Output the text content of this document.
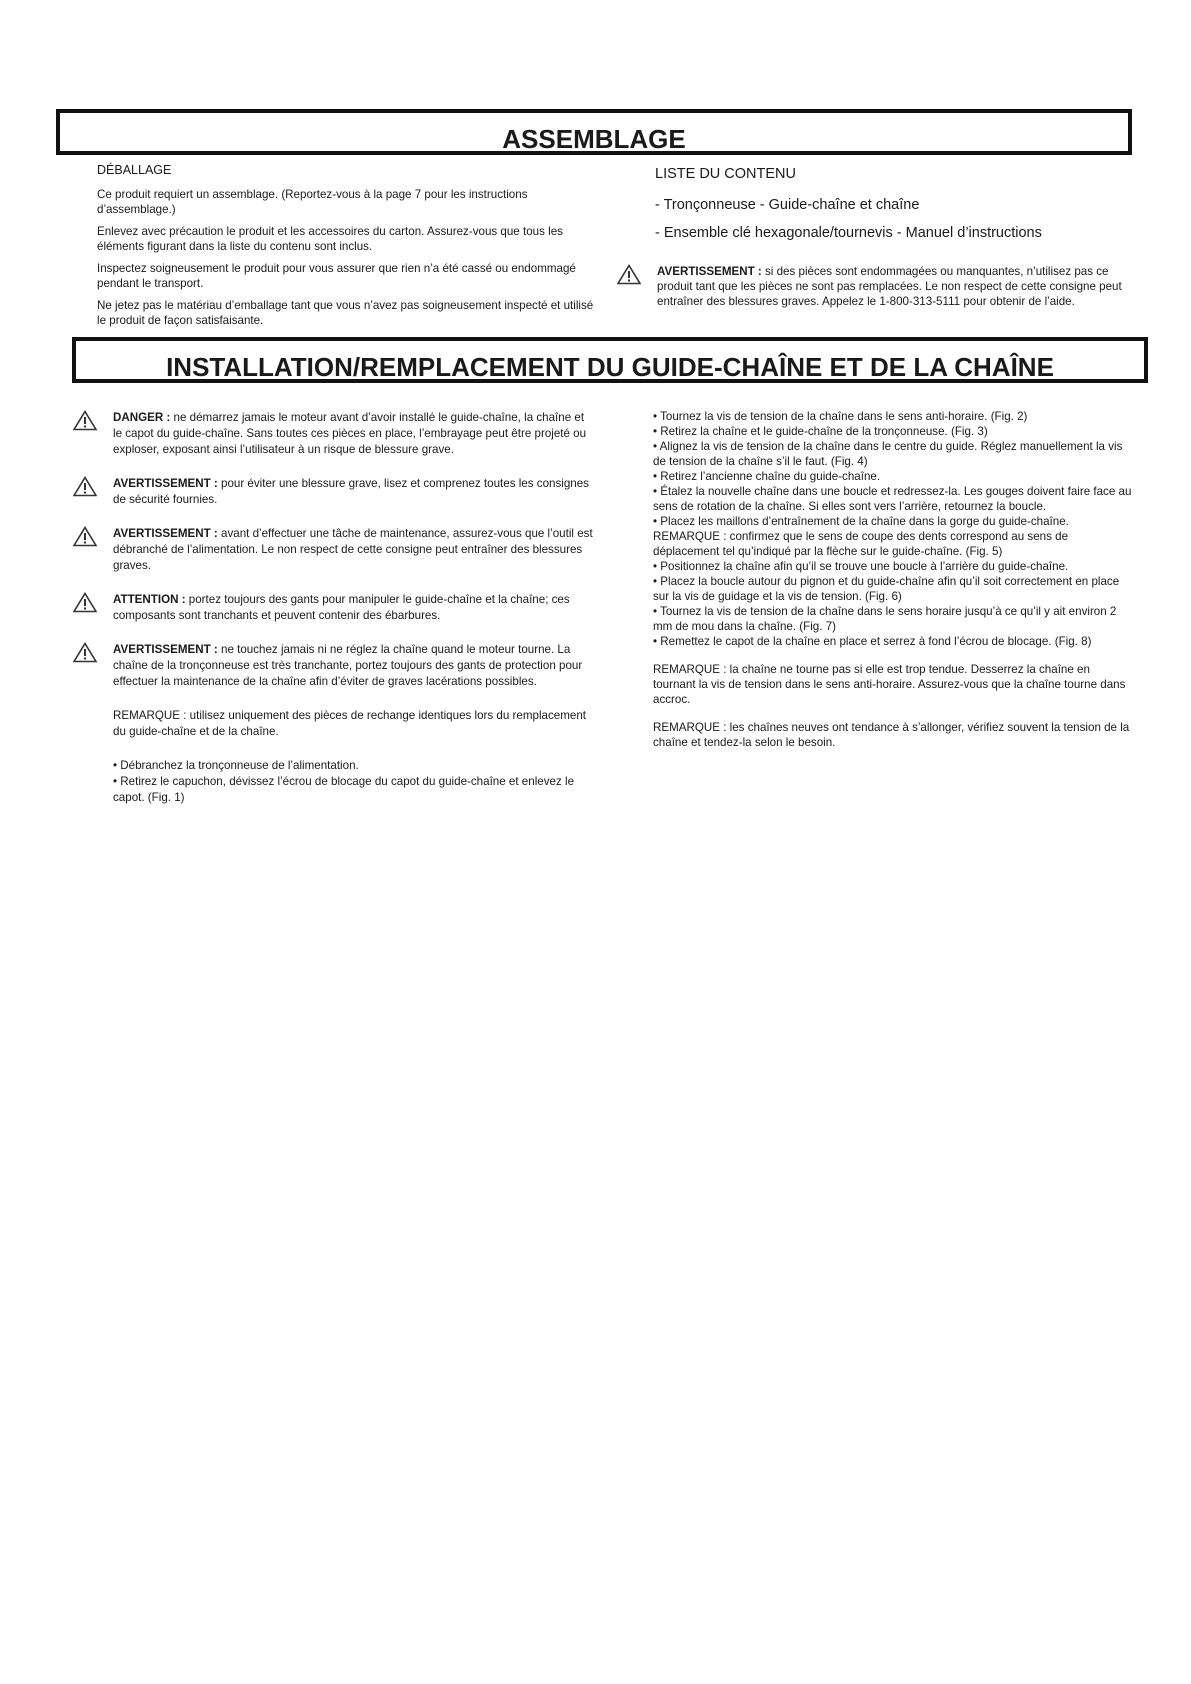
ASSEMBLAGE

DÉBALLAGE

Ce produit requiert un assemblage. (Reportez-vous à la page 7 pour les instructions d’assemblage.)

Enlevez avec précaution le produit et les accessoires du carton. Assurez-vous que tous les éléments figurant dans la liste du contenu sont inclus.

Inspectez soigneusement le produit pour vous assurer que rien n’a été cassé ou endommagé pendant le transport.

Ne jetez pas le matériau d’emballage tant que vous n’avez pas soigneusement inspecté et utilisé le produit de façon satisfaisante.

LISTE DU CONTENU

- Tronçonneuse - Guide-chaîne et chaîne

- Ensemble clé hexagonale/tournevis - Manuel d’instructions

AVERTISSEMENT : si des pièces sont endommagées ou manquantes, n’utilisez pas ce produit tant que les pièces ne sont pas remplacées. Le non respect de cette consigne peut entraîner des blessures graves. Appelez le 1-800-313-5111 pour obtenir de l’aide.
INSTALLATION/REMPLACEMENT DU GUIDE-CHAÎNE ET DE LA CHAÎNE
DANGER : ne démarrez jamais le moteur avant d’avoir installé le guide-chaîne, la chaîne et le capot du guide-chaîne. Sans toutes ces pièces en place, l’embrayage peut être projeté ou exploser, exposant ainsi l’utilisateur à un risque de blessure grave.
AVERTISSEMENT : pour éviter une blessure grave, lisez et comprenez toutes les consignes de sécurité fournies.
AVERTISSEMENT : avant d’effectuer une tâche de maintenance, assurez-vous que l’outil est débranché de l’alimentation. Le non respect de cette consigne peut entraîner des blessures graves.
ATTENTION : portez toujours des gants pour manipuler le guide-chaîne et la chaîne; ces composants sont tranchants et peuvent contenir des ébarbures.
AVERTISSEMENT : ne touchez jamais ni ne réglez la chaîne quand le moteur tourne. La chaîne de la tronçonneuse est très tranchante, portez toujours des gants de protection pour effectuer la maintenance de la chaîne afin d’éviter de graves lacérations possibles.
REMARQUE : utilisez uniquement des pièces de rechange identiques lors du remplacement du guide-chaîne et de la chaîne.
• Débranchez la tronçonneuse de l’alimentation.
• Retirez le capuchon, dévissez l’écrou de blocage du capot du guide-chaîne et enlevez le capot. (Fig. 1)

• Tournez la vis de tension de la chaîne dans le sens anti-horaire. (Fig. 2)

• Retirez la chaîne et le guide-chaîne de la tronçonneuse. (Fig. 3)

• Alignez la vis de tension de la chaîne dans le centre du guide. Réglez manuellement la vis de tension de la chaîne s’il le faut. (Fig. 4)

• Retirez l’ancienne chaîne du guide-chaîne.

• Étalez la nouvelle chaîne dans une boucle et redressez-la. Les gouges doivent faire face au sens de rotation de la chaîne. Si elles sont vers l’arrière, retournez la boucle.

• Placez les maillons d’entraînement de la chaîne dans la gorge du guide-chaîne.

REMARQUE : confirmez que le sens de coupe des dents correspond au sens de déplacement tel qu’indiqué par la flèche sur le guide-chaîne. (Fig. 5)

• Positionnez la chaîne afin qu’il se trouve une boucle à l’arrière du guide-chaîne.

• Placez la boucle autour du pignon et du guide-chaîne afin qu’il soit correctement en place sur la vis de guidage et la vis de tension. (Fig. 6)

• Tournez la vis de tension de la chaîne dans le sens horaire jusqu’à ce qu’il y ait environ 2 mm de mou dans la chaîne. (Fig. 7)

• Remettez le capot de la chaîne en place et serrez à fond l’écrou de blocage. (Fig. 8)

REMARQUE : la chaîne ne tourne pas si elle est trop tendue. Desserrez la chaîne en tournant la vis de tension dans le sens anti-horaire. Assurez-vous que la chaîne tourne dans accroc.

REMARQUE : les chaînes neuves ont tendance à s’allonger, vérifiez souvent la tension de la chaîne et tendez-la selon le besoin.
